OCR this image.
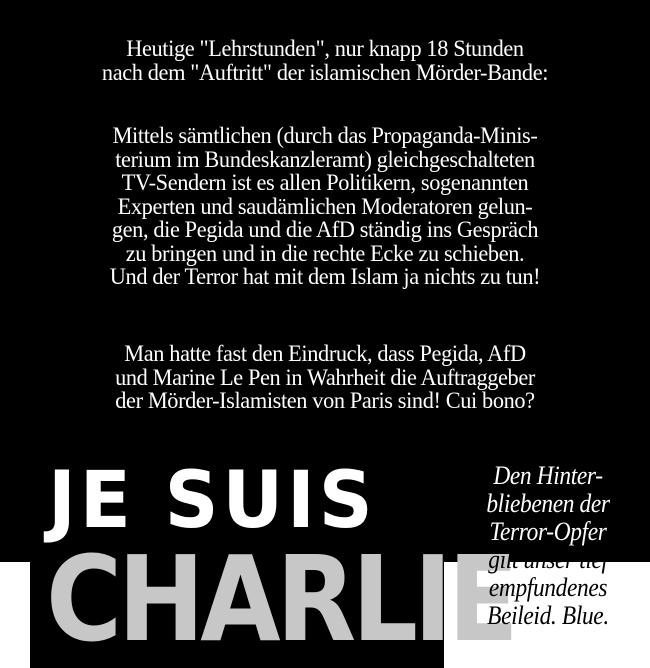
Heutige "Lehrstunden", nur knapp 18 Stunden
nach dem "Auftritt" der islamischen Mörder-Bande:
Mittels sämtlichen (durch das Propaganda-Minis-
terium im Bundeskanzleramt) gleichgeschalteten
TV-Sendern ist es allen Politikern, sogenannten
Experten und saudämlichen Moderatoren gelun-
gen, die Pegida und die AfD ständig ins Gespräch
zu bringen und in die rechte Ecke zu schieben.
Und der Terror hat mit dem Islam ja nichts zu tun!
Man hatte fast den Eindruck, dass Pegida, AfD
und Marine Le Pen in Wahrheit die Auftraggeber
der Mörder-Islamisten von Paris sind! Cui bono?
JE SUIS
CHARLIE
Den Hinter-
bliebenen der
Terror-Opfer
gilt unser tief
empfundenes
Beileid. Blue.
